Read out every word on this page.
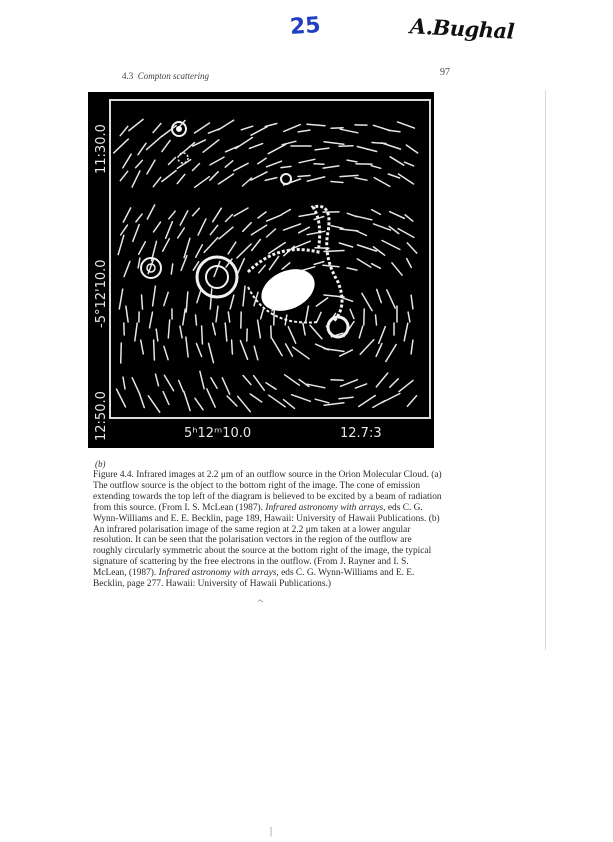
25	A.Bughal
4.3 Compton scattering	97
11:30.0
-5°12'10.0
12:50.0	5ʰ12ᵐ10.0	12.7:3
(b)
Figure 4.4. Infrared images at 2.2 μm of an outflow source in the Orion Molecular Cloud. (a) The outflow source is the object to the bottom right of the image. The cone of emission extending towards the top left of the diagram is believed to be excited by a beam of radiation from this source. (From I. S. McLean (1987). Infrared astronomy with arrays, eds C. G. Wynn-Williams and E. E. Becklin, page 189, Hawaii: University of Hawaii Publications. (b) An infrared polarisation image of the same region at 2.2 μm taken at a lower angular resolution. It can be seen that the polarisation vectors in the region of the outflow are roughly circularly symmetric about the source at the bottom right of the image, the typical signature of scattering by the free electrons in the outflow. (From J. Rayner and I. S. McLean, (1987). Infrared astronomy with arrays, eds C. G. Wynn-Williams and E. E. Becklin, page 277. Hawaii: University of Hawaii Publications.)
⌐
|
